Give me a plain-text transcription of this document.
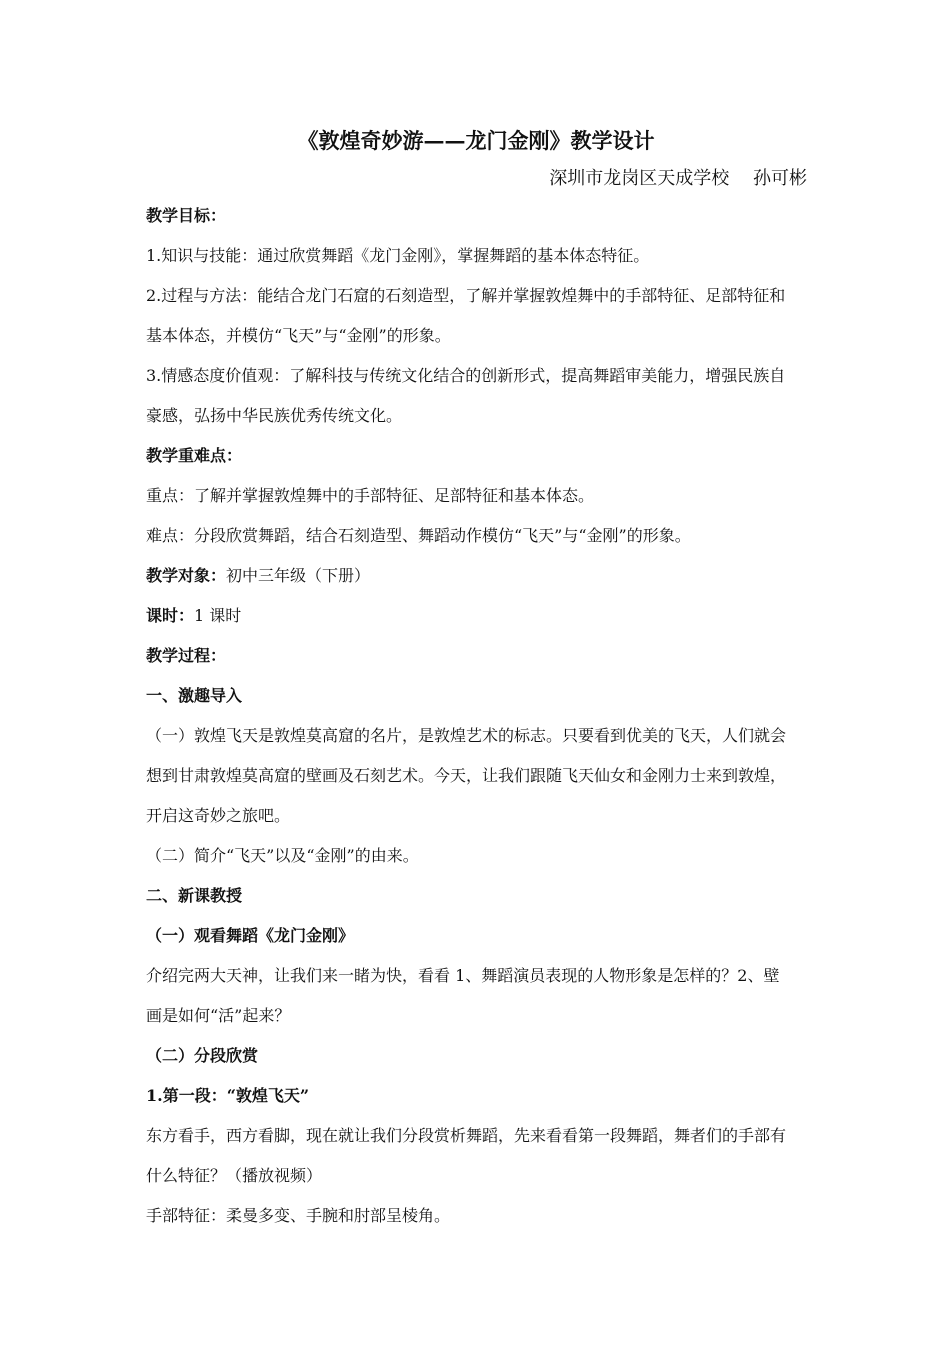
《敦煌奇妙游——龙门金刚》教学设计
深圳市龙岗区天成学校　 孙可彬
教学目标：
1.知识与技能：通过欣赏舞蹈《龙门金刚》，掌握舞蹈的基本体态特征。
2.过程与方法：能结合龙门石窟的石刻造型，了解并掌握敦煌舞中的手部特征、足部特征和
基本体态，并模仿“飞天”与“金刚”的形象。
3.情感态度价值观：了解科技与传统文化结合的创新形式，提高舞蹈审美能力，增强民族自
豪感，弘扬中华民族优秀传统文化。
教学重难点：
重点：了解并掌握敦煌舞中的手部特征、足部特征和基本体态。
难点：分段欣赏舞蹈，结合石刻造型、舞蹈动作模仿“飞天”与“金刚”的形象。
教学对象：初中三年级（下册）
课时：1 课时
教学过程：
一、激趣导入
（一）敦煌飞天是敦煌莫高窟的名片，是敦煌艺术的标志。只要看到优美的飞天，人们就会
想到甘肃敦煌莫高窟的壁画及石刻艺术。今天，让我们跟随飞天仙女和金刚力士来到敦煌，
开启这奇妙之旅吧。
（二）简介“飞天”以及“金刚”的由来。
二、新课教授
（一）观看舞蹈《龙门金刚》
介绍完两大天神，让我们来一睹为快，看看 1、舞蹈演员表现的人物形象是怎样的？2、壁
画是如何“活”起来？
（二）分段欣赏
1.第一段：“敦煌飞天”
东方看手，西方看脚，现在就让我们分段赏析舞蹈，先来看看第一段舞蹈，舞者们的手部有
什么特征？（播放视频）
手部特征：柔曼多变、手腕和肘部呈棱角。
